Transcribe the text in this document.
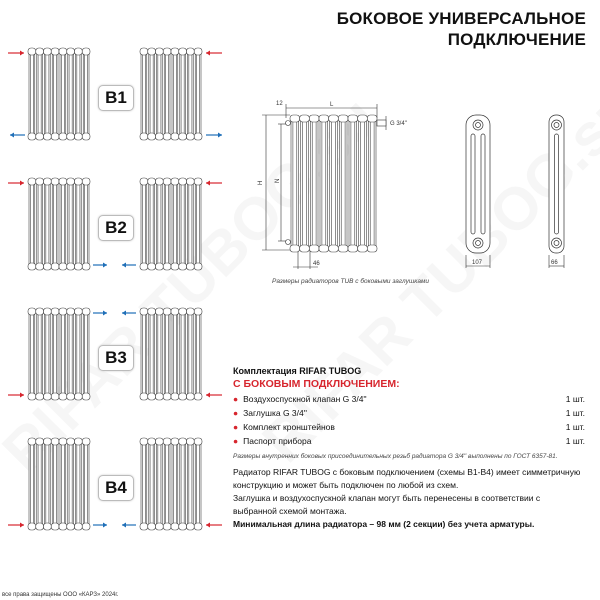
БОКОВОЕ УНИВЕРСАЛЬНОЕ
ПОДКЛЮЧЕНИЕ
B1
B2
B3
B4
12	L
H N
46
G 3/4''
107	66
Размеры радиаторов TUB с боковыми заглушками
Комплектация RIFAR TUBOG
С БОКОВЫМ ПОДКЛЮЧЕНИЕМ:
● Воздухоспускной клапан G 3/4''	1 шт.
● Заглушка G 3/4''	1 шт.
● Комплект кронштейнов	1 шт.
● Паспорт прибора	1 шт.
Размеры внутренних боковых присоединительных резьб радиатора G 3/4'' выполнены по ГОСТ 6357-81.
Радиатор RIFAR TUBOG с боковым подключением (схемы B1-B4) имеет симметричную конструкцию и может быть подключен по любой из схем.
Заглушка и воздухоспускной клапан могут быть перенесены в соответствии с выбранной схемой монтажа.
Минимальная длина радиатора – 98 мм (2 секции) без учета арматуры.
все права защищены ООО «КАРЗ» 2024г.
